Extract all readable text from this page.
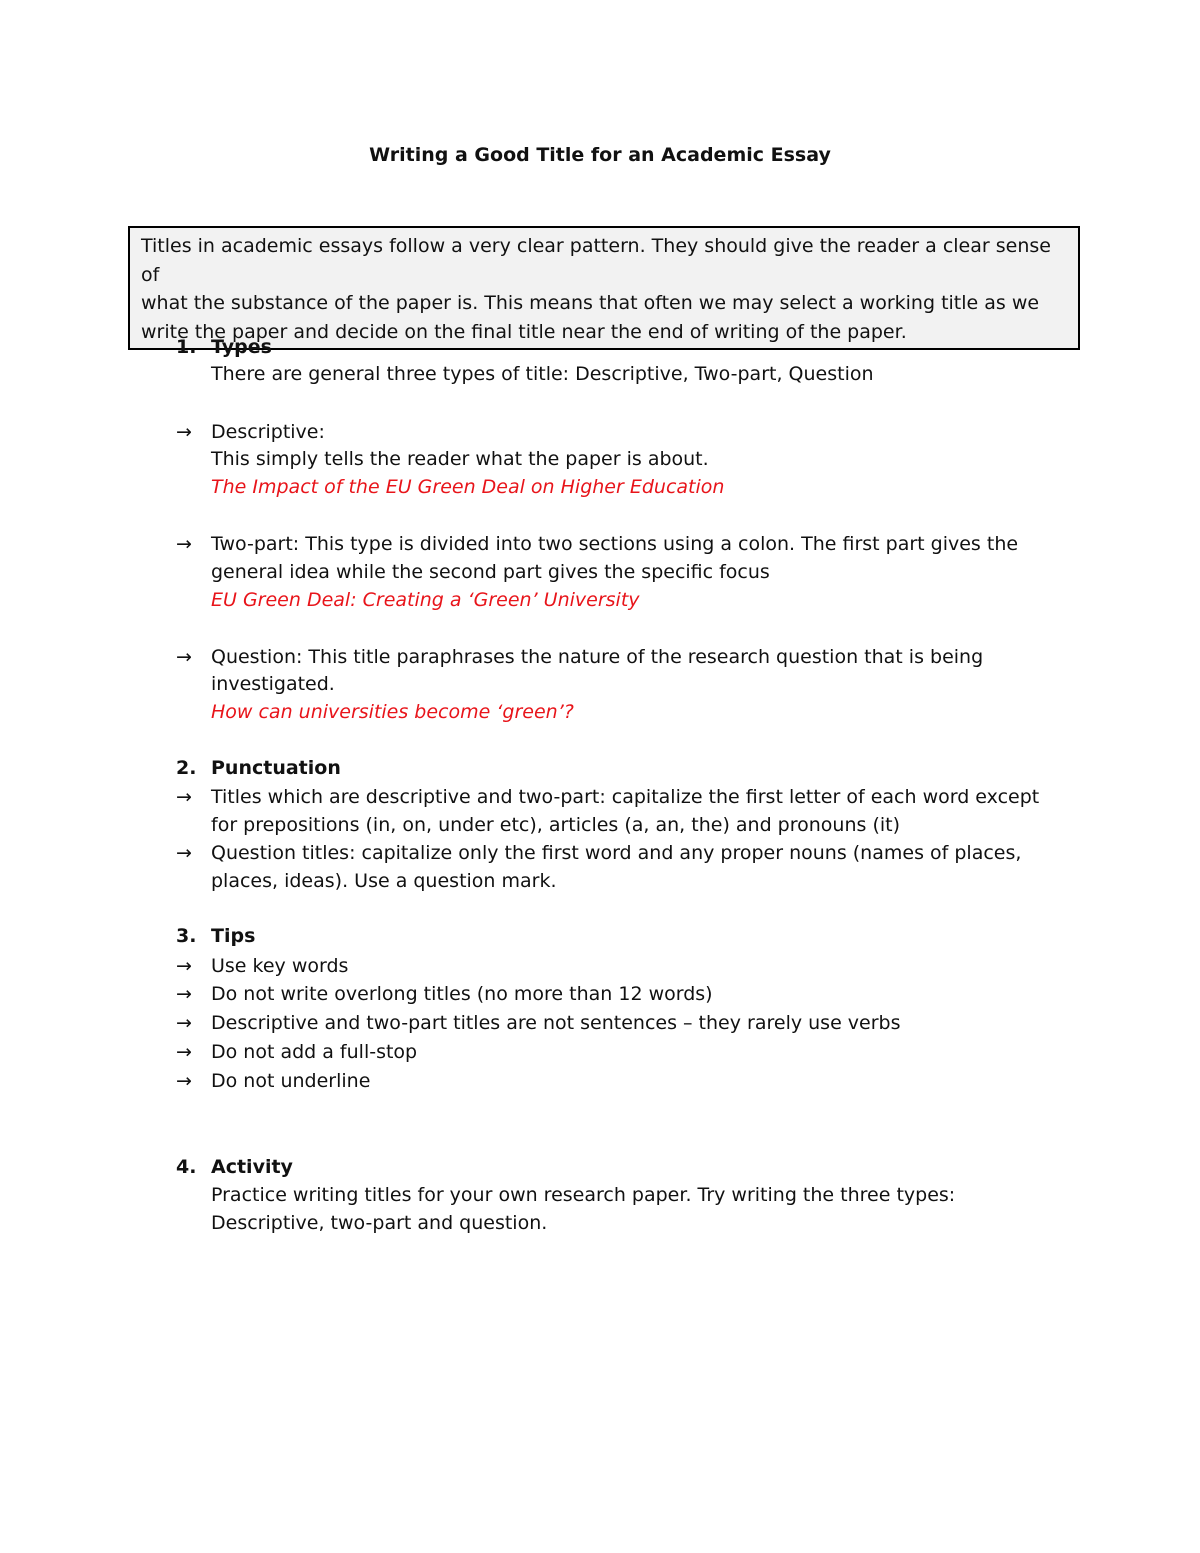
Writing a Good Title for an Academic Essay
Titles in academic essays follow a very clear pattern. They should give the reader a clear sense of
what the substance of the paper is. This means that often we may select a working title as we
write the paper and decide on the final title near the end of writing of the paper.
1. Types
There are general three types of title: Descriptive, Two-part, Question
→	Descriptive:
This simply tells the reader what the paper is about.
The Impact of the EU Green Deal on Higher Education
→	Two-part: This type is divided into two sections using a colon. The first part gives the
general idea while the second part gives the specific focus
EU Green Deal: Creating a ‘Green’ University
→	Question: This title paraphrases the nature of the research question that is being
investigated.
How can universities become ‘green’?
2. Punctuation
→	Titles which are descriptive and two-part: capitalize the first letter of each word except
for prepositions (in, on, under etc), articles (a, an, the) and pronouns (it)
→	Question titles: capitalize only the first word and any proper nouns (names of places,
places, ideas). Use a question mark.
3. Tips
→	Use key words
→	Do not write overlong titles (no more than 12 words)
→	Descriptive and two-part titles are not sentences – they rarely use verbs
→	Do not add a full-stop
→	Do not underline
4. Activity
Practice writing titles for your own research paper. Try writing the three types:
Descriptive, two-part and question.
